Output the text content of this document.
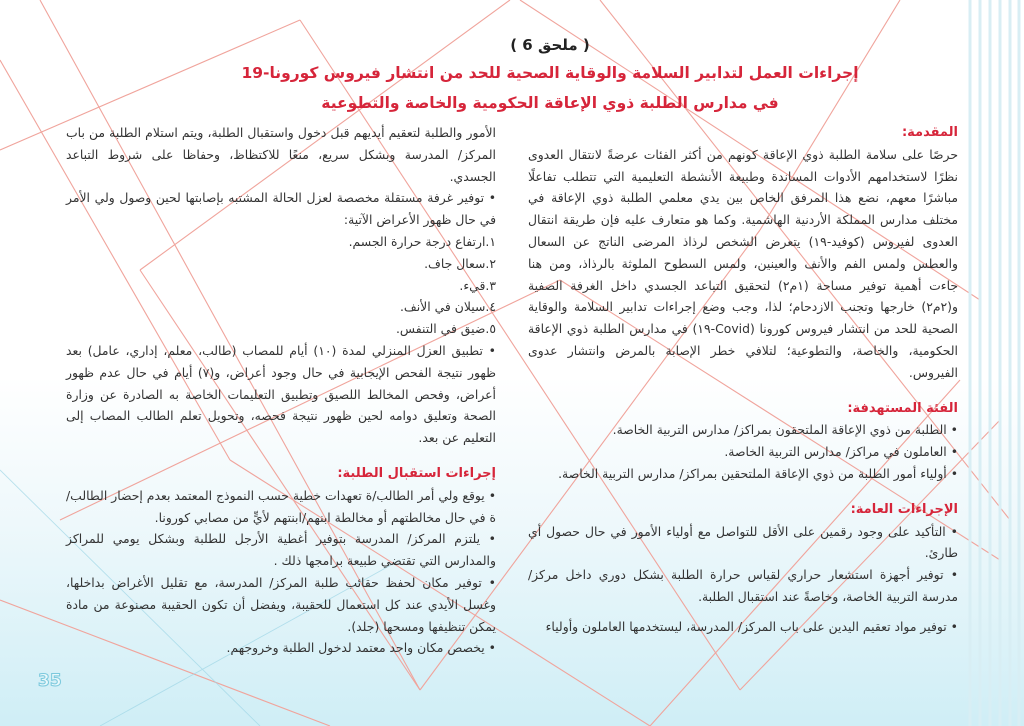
( ملحق 6 )
إجراءات العمل لتدابير السلامة والوقاية الصحية للحد من انتشار فيروس كورونا-19
في مدارس الطلبة ذوي الإعاقة الحكومية والخاصة والتطوعية

المقدمة:

حرصًا على سلامة الطلبة ذوي الإعاقة كونهم من أكثر الفئات عرضةً لانتقال العدوى نظرًا لاستخدامهم الأدوات المساندة وطبيعة الأنشطة التعليمية التي تتطلب تفاعلًا مباشرًا معهم، نضع هذا المرفق الخاص بين يدي معلمي الطلبة ذوي الإعاقة في مختلف مدارس المملكة الأردنية الهاشمية. وكما هو متعارف عليه فإن طريقة انتقال العدوى لفيروس (كوفيد-١٩) يتعرض الشخص لرذاذ المرضى الناتج عن السعال والعطس ولمس الفم والأنف والعينين، ولمس السطوح الملوثة بالرذاذ، ومن هنا جاءت أهمية توفير مساحة (١م٢) لتحقيق التباعد الجسدي داخل الغرفة الصفية و(٢م٢) خارجها وتجنب الازدحام؛ لذا، وجب وضع إجراءات تدابير السلامة والوقاية الصحية للحد من انتشار فيروس كورونا (Covid-١٩) في مدارس الطلبة ذوي الإعاقة الحكومية، والخاصة، والتطوعية؛ لتلافي خطر الإصابة بالمرض وانتشار عدوى الفيروس.

الفئة المستهدفة:

• الطلبة من ذوي الإعاقة الملتحقون بمراكز/ مدارس التربية الخاصة.

• العاملون في مراكز/ مدارس التربية الخاصة.

• أولياء أمور الطلبة من ذوي الإعاقة الملتحقين بمراكز/ مدارس التربية الخاصة.

الإجراءات العامة:

• التأكيد على وجود رقمين على الأقل للتواصل مع أولياء الأمور في حال حصول أي طارئ.

• توفير أجهزة استشعار حراري لقياس حرارة الطلبة بشكل دوري داخل مركز/ مدرسة التربية الخاصة، وخاصةً عند استقبال الطلبة.

• توفير مواد تعقيم اليدين على باب المركز/ المدرسة، ليستخدمها العاملون وأولياء

الأمور والطلبة لتعقيم أيديهم قبل دخول واستقبال الطلبة، ويتم استلام الطلبة من باب المركز/ المدرسة وبشكل سريع، منعًا للاكتظاظ، وحفاظا على شروط التباعد الجسدي.

• توفير غرفة مستقلة مخصصة لعزل الحالة المشتبه بإصابتها لحين وصول ولي الأمر في حال ظهور الأعراض الآتية:

١.ارتفاع درجة حرارة الجسم.

٢.سعال جاف.

٣.قيء.

٤.سيلان في الأنف.

٥.ضيق في التنفس.

• تطبيق العزل المنزلي لمدة (١٠) أيام للمصاب (طالب، معلم، إداري، عامل) بعد ظهور نتيجة الفحص الإيجابية في حال وجود أعراض، و(٧) أيام في حال عدم ظهور أعراض، وفحص المخالط اللصيق وتطبيق التعليمات الخاصة به الصادرة عن وزارة الصحة وتعليق دوامه لحين ظهور نتيجة فحصه، وتحويل تعلم الطالب المصاب إلى التعليم عن بعد.

إجراءات استقبال الطلبة:

• يوقع ولي أمر الطالب/ة تعهدات خطية حسب النموذج المعتمد بعدم إحضار الطالب/ة في حال مخالطتهم أو مخالطة ابنهم/ابنتهم لأيٍّ من مصابي كورونا.

• يلتزم المركز/ المدرسة بتوفير أغطية الأرجل للطلبة وبشكل يومي للمراكز والمدارس التي تقتضي طبيعة برامجها ذلك .

• توفير مكان لحفظ حقائب طلبة المركز/ المدرسة، مع تقليل الأغراض بداخلها، وغسل الأيدي عند كل استعمال للحقيبة، ويفضل أن تكون الحقيبة مصنوعة من مادة يمكن تنظيفها ومسحها (جلد).

• يخصص مكان واحد معتمد لدخول الطلبة وخروجهم.

35
